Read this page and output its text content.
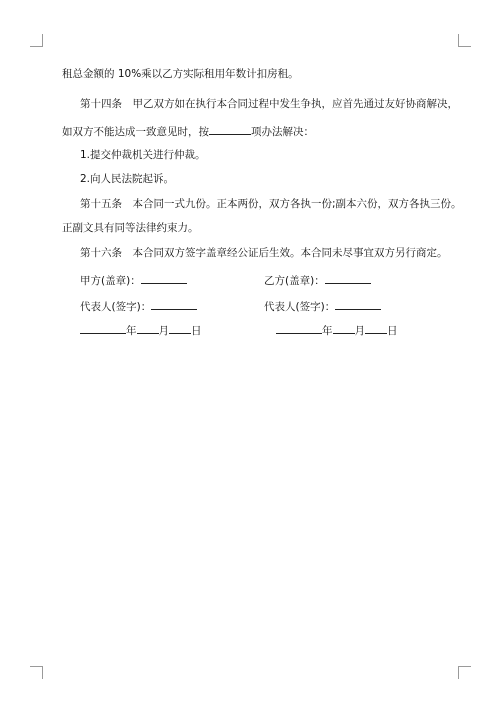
租总金额的 10%乘以乙方实际租用年数计扣房租。
第十四条　甲乙双方如在执行本合同过程中发生争执，应首先通过友好协商解决，
如双方不能达成一致意见时，按	项办法解决：
1.提交仲裁机关进行仲裁。
2.向人民法院起诉。
第十五条　本合同一式九份。正本两份，双方各执一份;副本六份，双方各执三份。
正副文具有同等法律约束力。
第十六条　本合同双方签字盖章经公证后生效。本合同未尽事宜双方另行商定。
甲方(盖章)：	乙方(盖章)：
代表人(签字)：	代表人(签字)：
年 月 日	年 月 日
